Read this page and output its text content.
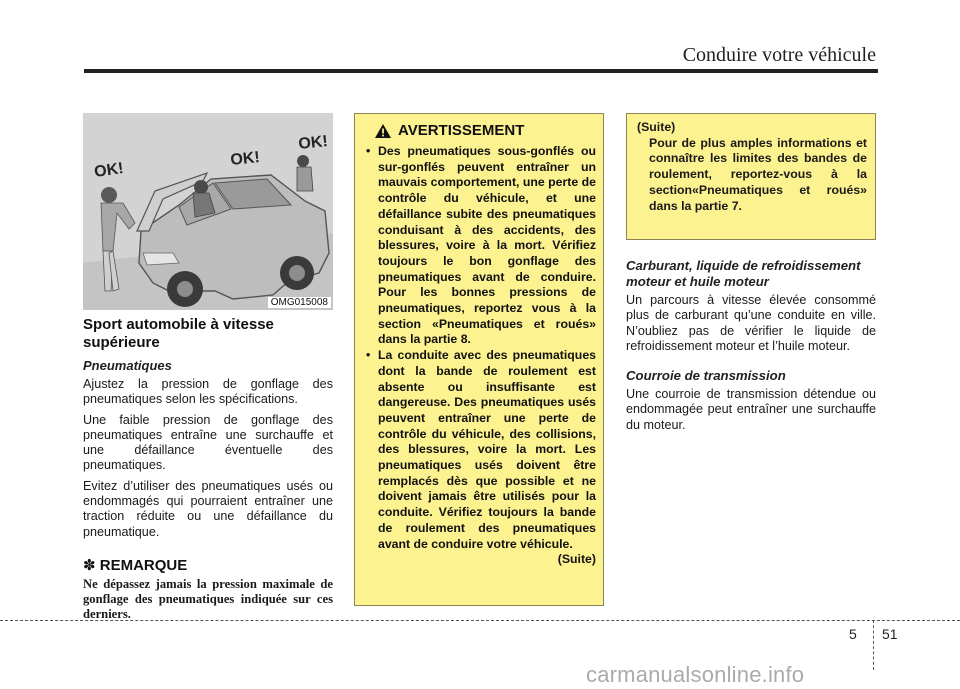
Conduire votre véhicule
OK!
OK!
OK!
OMG015008
Sport automobile à vitesse supérieure
Pneumatiques

Ajustez la pression de gonflage des pneumatiques selon les spécifications.

Une faible pression de gonflage des pneumatiques entraîne une surchauffe et une défaillance éventuelle des pneumatiques.

Evitez d’utiliser des pneumatiques usés ou endommagés qui pourraient entraîner une traction réduite ou une défaillance du pneumatique.

✽ REMARQUE

Ne dépassez jamais la pression maximale de gonflage des pneumatiques indiquée sur ces derniers.

AVERTISSEMENT
• Des pneumatiques sous-gonflés ou sur-gonflés peuvent entraîner un mauvais comportement, une perte de contrôle du véhicule, et une défaillance subite des pneumatiques conduisant à des accidents, des blessures, voire à la mort. Vérifiez toujours le bon gonflage des pneumatiques avant de conduire. Pour les bonnes pressions de pneumatiques, reportez vous à la section «Pneumatiques et roués» dans la partie 8.
• La conduite avec des pneumatiques dont la bande de roulement est absente ou insuffisante est dangereuse. Des pneumatiques usés peuvent entraîner une perte de contrôle du véhicule, des collisions, des blessures, voire la mort. Les pneumatiques usés doivent être remplacés dès que possible et ne doivent jamais être utilisés pour la conduite. Vérifiez toujours la bande de roulement des pneumatiques avant de conduire votre véhicule.
(Suite)
(Suite)

Pour de plus amples informations et connaître les limites des bandes de roulement, reportez-vous à la section«Pneumatiques et roués» dans la partie 7.

Carburant, liquide de refroidissement moteur et huile moteur

Un parcours à vitesse élevée consommé plus de carburant qu’une conduite en ville. N’oubliez pas de vérifier le liquide de refroidissement moteur et l’huile moteur.

Courroie de transmission

Une courroie de transmission détendue ou endommagée peut entraîner une surchauffe du moteur.

5 51
carmanualsonline.info
